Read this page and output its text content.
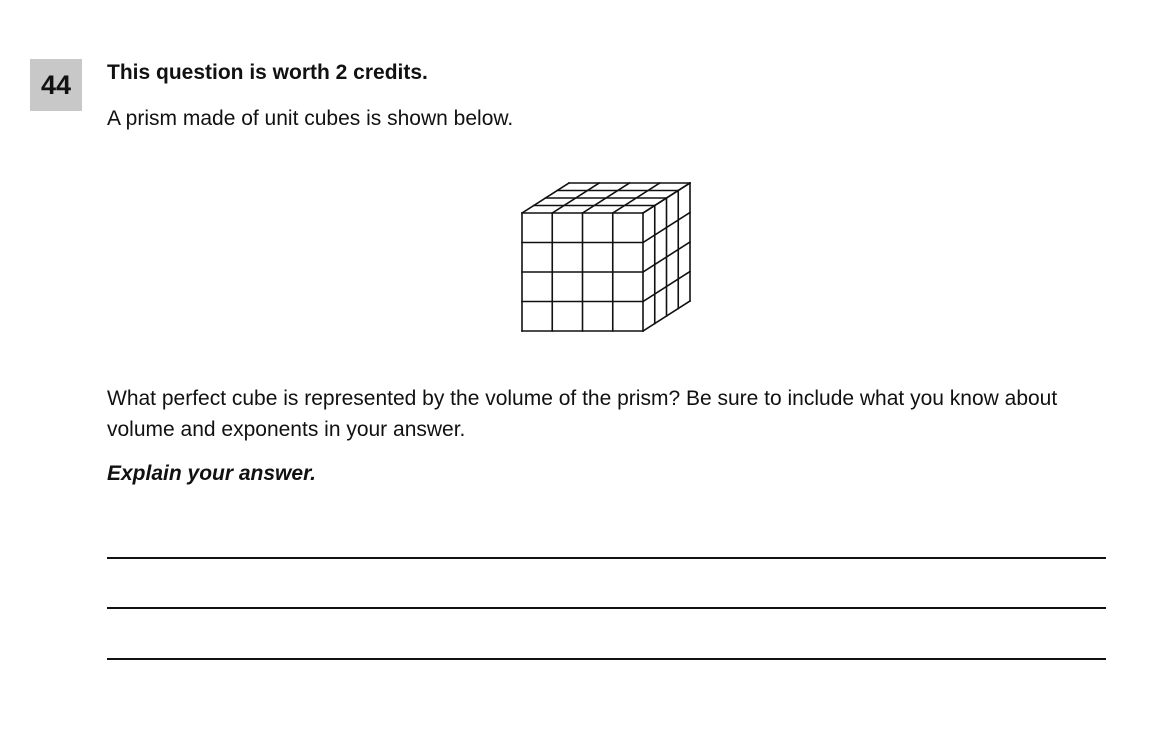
44 This question is worth 2 credits.
A prism made of unit cubes is shown below.
What perfect cube is represented by the volume of the prism? Be sure to include what you know about volume and exponents in your answer.
Explain your answer.
